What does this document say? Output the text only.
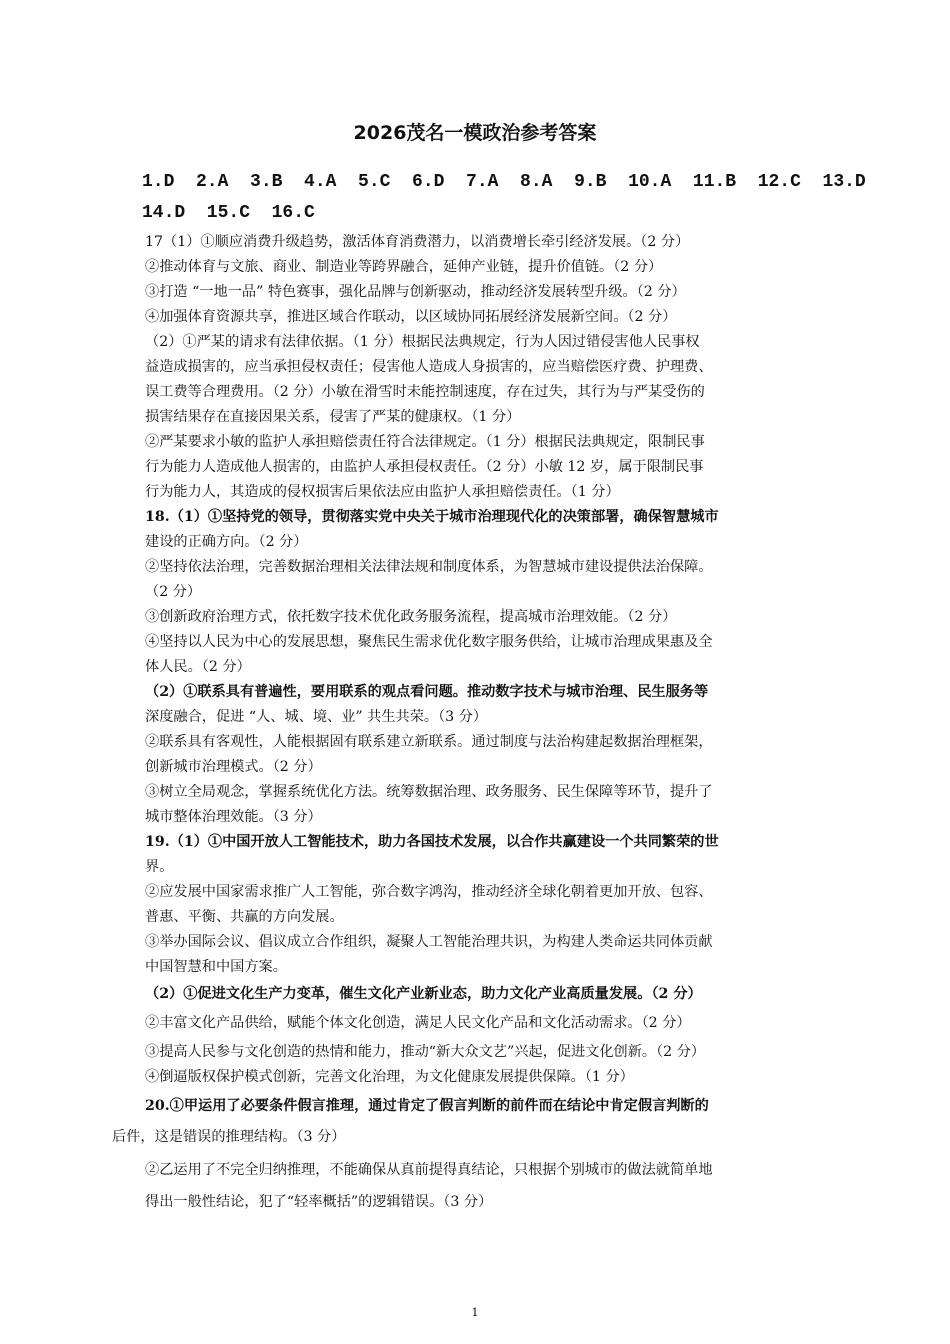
2026茂名一模政治参考答案
1.D  2.A  3.B  4.A  5.C  6.D  7.A  8.A  9.B  10.A  11.B  12.C  13.D
14.D  15.C  16.C
17（1）①顺应消费升级趋势，激活体育消费潜力，以消费增长牵引经济发展。（2 分）
②推动体育与文旅、商业、制造业等跨界融合，延伸产业链，提升价值链。（2 分）
③打造 “一地一品” 特色赛事，强化品牌与创新驱动，推动经济发展转型升级。（2 分）
④加强体育资源共享，推进区域合作联动，以区域协同拓展经济发展新空间。（2 分）
（2）①严某的请求有法律依据。（1 分）根据民法典规定，行为人因过错侵害他人民事权
益造成损害的，应当承担侵权责任；侵害他人造成人身损害的，应当赔偿医疗费、护理费、
误工费等合理费用。（2 分）小敏在滑雪时未能控制速度，存在过失，其行为与严某受伤的
损害结果存在直接因果关系，侵害了严某的健康权。（1 分）
②严某要求小敏的监护人承担赔偿责任符合法律规定。（1 分）根据民法典规定，限制民事
行为能力人造成他人损害的，由监护人承担侵权责任。（2 分）小敏 12 岁，属于限制民事
行为能力人，其造成的侵权损害后果依法应由监护人承担赔偿责任。（1 分）
18.（1）①坚持党的领导，贯彻落实党中央关于城市治理现代化的决策部署，确保智慧城市
建设的正确方向。（2 分）
②坚持依法治理，完善数据治理相关法律法规和制度体系，为智慧城市建设提供法治保障。
（2 分）
③创新政府治理方式，依托数字技术优化政务服务流程，提高城市治理效能。（2 分）
④坚持以人民为中心的发展思想，聚焦民生需求优化数字服务供给，让城市治理成果惠及全
体人民。（2 分）
（2）①联系具有普遍性，要用联系的观点看问题。推动数字技术与城市治理、民生服务等
深度融合，促进 “人、城、境、业” 共生共荣。（3 分）
②联系具有客观性，人能根据固有联系建立新联系。通过制度与法治构建起数据治理框架，
创新城市治理模式。（2 分）
③树立全局观念，掌握系统优化方法。统筹数据治理、政务服务、民生保障等环节，提升了
城市整体治理效能。（3 分）
19.（1）①中国开放人工智能技术，助力各国技术发展，以合作共赢建设一个共同繁荣的世
界。
②应发展中国家需求推广人工智能，弥合数字鸿沟，推动经济全球化朝着更加开放、包容、
普惠、平衡、共赢的方向发展。
③举办国际会议、倡议成立合作组织，凝聚人工智能治理共识，为构建人类命运共同体贡献
中国智慧和中国方案。
（2）①促进文化生产力变革，催生文化产业新业态，助力文化产业高质量发展。（2 分）
②丰富文化产品供给，赋能个体文化创造，满足人民文化产品和文化活动需求。（2 分）
③提高人民参与文化创造的热情和能力，推动“新大众文艺”兴起，促进文化创新。（2 分）
④倒逼版权保护模式创新，完善文化治理，为文化健康发展提供保障。（1 分）
20.①甲运用了必要条件假言推理，通过肯定了假言判断的前件而在结论中肯定假言判断的
后件，这是错误的推理结构。（3 分）
②乙运用了不完全归纳推理，不能确保从真前提得真结论，只根据个别城市的做法就简单地
得出一般性结论，犯了“轻率概括”的逻辑错误。（3 分）
1
